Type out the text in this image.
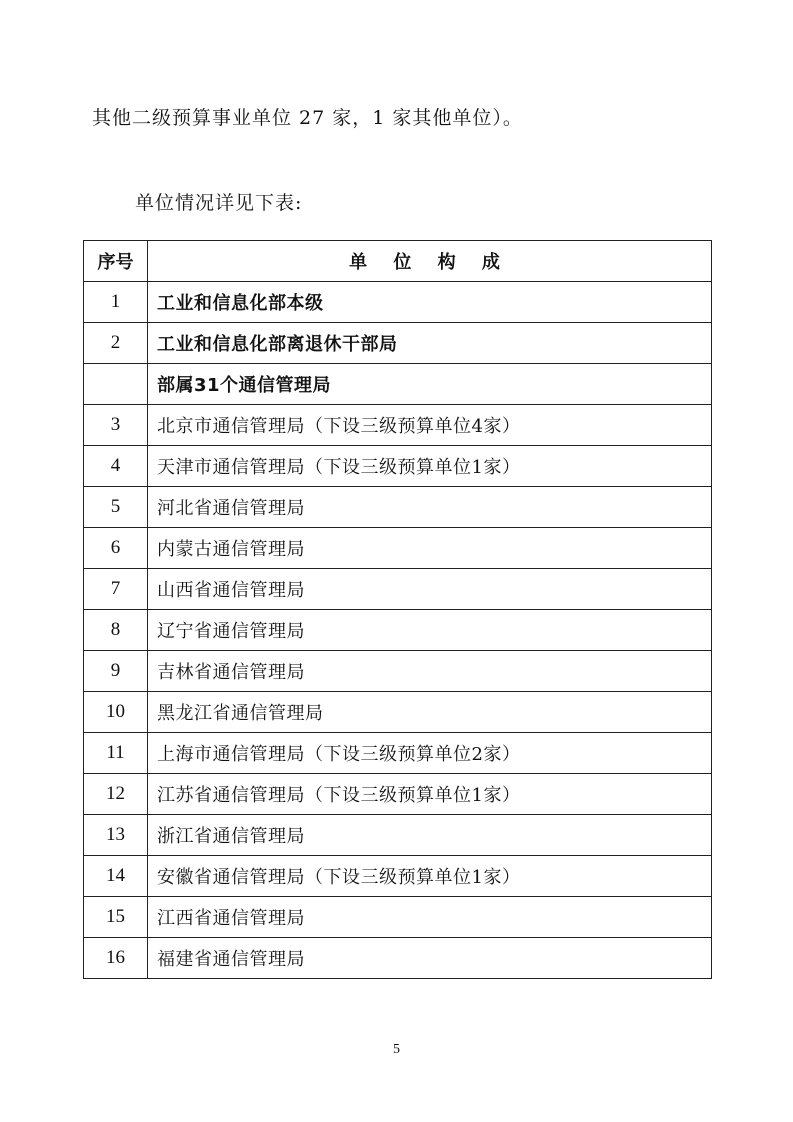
其他二级预算事业单位 27 家，1 家其他单位）。

单位情况详见下表:

序号	单 位 构 成
1	工业和信息化部本级
2	工业和信息化部离退休干部局
	部属31个通信管理局
3	北京市通信管理局（下设三级预算单位4家）
4	天津市通信管理局（下设三级预算单位1家）
5	河北省通信管理局
6	内蒙古通信管理局
7	山西省通信管理局
8	辽宁省通信管理局
9	吉林省通信管理局
10	黑龙江省通信管理局
11	上海市通信管理局（下设三级预算单位2家）
12	江苏省通信管理局（下设三级预算单位1家）
13	浙江省通信管理局
14	安徽省通信管理局（下设三级预算单位1家）
15	江西省通信管理局
16	福建省通信管理局
5
